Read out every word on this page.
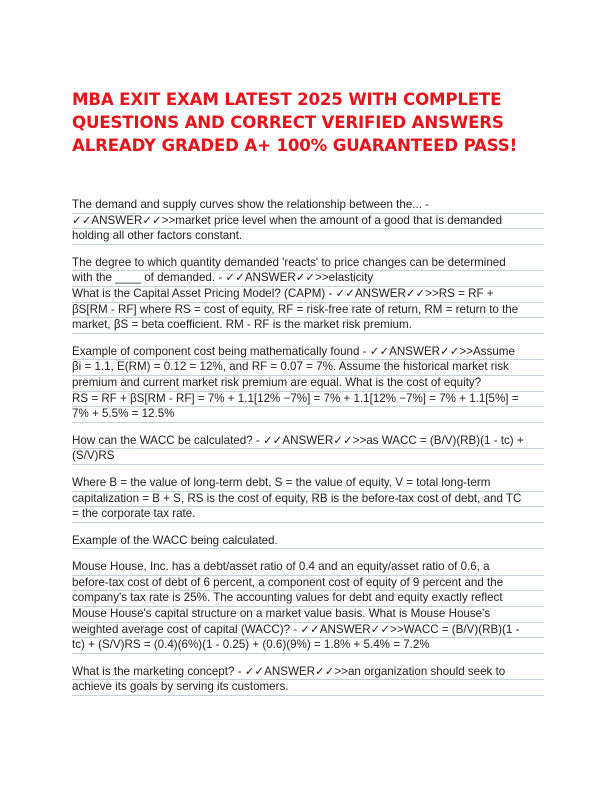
MBA EXIT EXAM LATEST 2025 WITH COMPLETE
QUESTIONS AND CORRECT VERIFIED ANSWERS
ALREADY GRADED A+ 100% GUARANTEED PASS!
The demand and supply curves show the relationship between the... -
✓✓ANSWER✓✓>>market price level when the amount of a good that is demanded
holding all other factors constant.
The degree to which quantity demanded 'reacts' to price changes can be determined
with the ____ of demanded. - ✓✓ANSWER✓✓>>elasticity
What is the Capital Asset Pricing Model? (CAPM) - ✓✓ANSWER✓✓>>RS = RF +
βS[RM - RF] where RS = cost of equity, RF = risk-free rate of return, RM = return to the
market, βS = beta coefficient. RM - RF is the market risk premium.
Example of component cost being mathematically found - ✓✓ANSWER✓✓>>Assume
βi = 1.1, E(RM) = 0.12 = 12%, and RF = 0.07 = 7%. Assume the historical market risk
premium and current market risk premium are equal. What is the cost of equity?
RS = RF + βS[RM - RF] = 7% + 1.1[12% −7%] = 7% + 1.1[12% −7%] = 7% + 1.1[5%] =
7% + 5.5% = 12.5%
How can the WACC be calculated? - ✓✓ANSWER✓✓>>as WACC = (B/V)(RB)(1 - tc) +
(S/V)RS
Where B = the value of long-term debt, S = the value of equity, V = total long-term
capitalization = B + S, RS is the cost of equity, RB is the before-tax cost of debt, and TC
= the corporate tax rate.
Example of the WACC being calculated.
Mouse House, Inc. has a debt/asset ratio of 0.4 and an equity/asset ratio of 0.6, a
before-tax cost of debt of 6 percent, a component cost of equity of 9 percent and the
company's tax rate is 25%. The accounting values for debt and equity exactly reflect
Mouse House's capital structure on a market value basis. What is Mouse House's
weighted average cost of capital (WACC)? - ✓✓ANSWER✓✓>>WACC = (B/V)(RB)(1 -
tc) + (S/V)RS = (0.4)(6%)(1 - 0.25) + (0.6)(9%) = 1.8% + 5.4% = 7.2%
What is the marketing concept? - ✓✓ANSWER✓✓>>an organization should seek to
achieve its goals by serving its customers.
